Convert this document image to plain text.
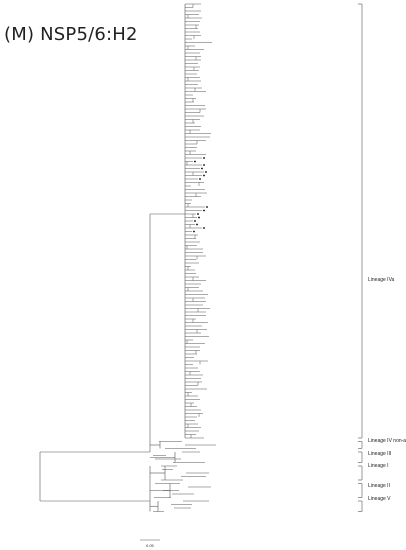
(M) NSP5/6:H2
0.05
Lineage IVa
Lineage IV non-a
Lineage III
Lineage I
Lineage II
Lineage V
